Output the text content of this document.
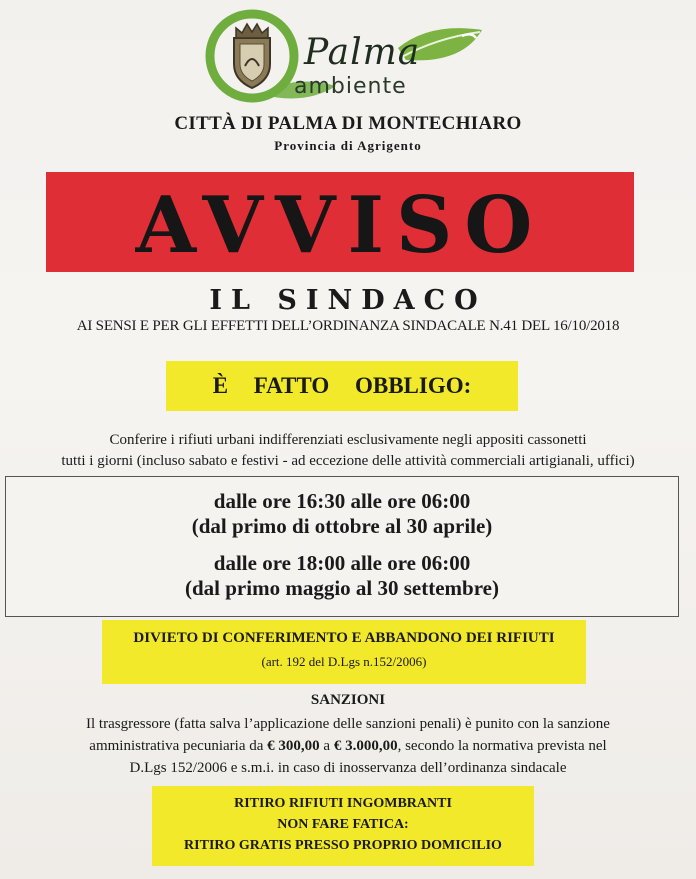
Palma
ambiente
CITTÀ DI PALMA DI MONTECHIARO
Provincia di Agrigento
AVVISO
IL SINDACO
AI SENSI E PER GLI EFFETTI DELL’ORDINANZA SINDACALE N.41 DEL 16/10/2018
È FATTO OBBLIGO:
Conferire i rifiuti urbani indifferenziati esclusivamente negli appositi cassonetti
tutti i giorni (incluso sabato e festivi - ad eccezione delle attività commerciali artigianali, uffici)
dalle ore 16:30 alle ore 06:00
(dal primo di ottobre al 30 aprile)
dalle ore 18:00 alle ore 06:00
(dal primo maggio al 30 settembre)
DIVIETO DI CONFERIMENTO E ABBANDONO DEI RIFIUTI
(art. 192 del D.Lgs n.152/2006)
SANZIONI
Il trasgressore (fatta salva l’applicazione delle sanzioni penali) è punito con la sanzione
amministrativa pecuniaria da € 300,00 a € 3.000,00, secondo la normativa prevista nel
D.Lgs 152/2006 e s.m.i. in caso di inosservanza dell’ordinanza sindacale
RITIRO RIFIUTI INGOMBRANTI
NON FARE FATICA:
RITIRO GRATIS PRESSO PROPRIO DOMICILIO
